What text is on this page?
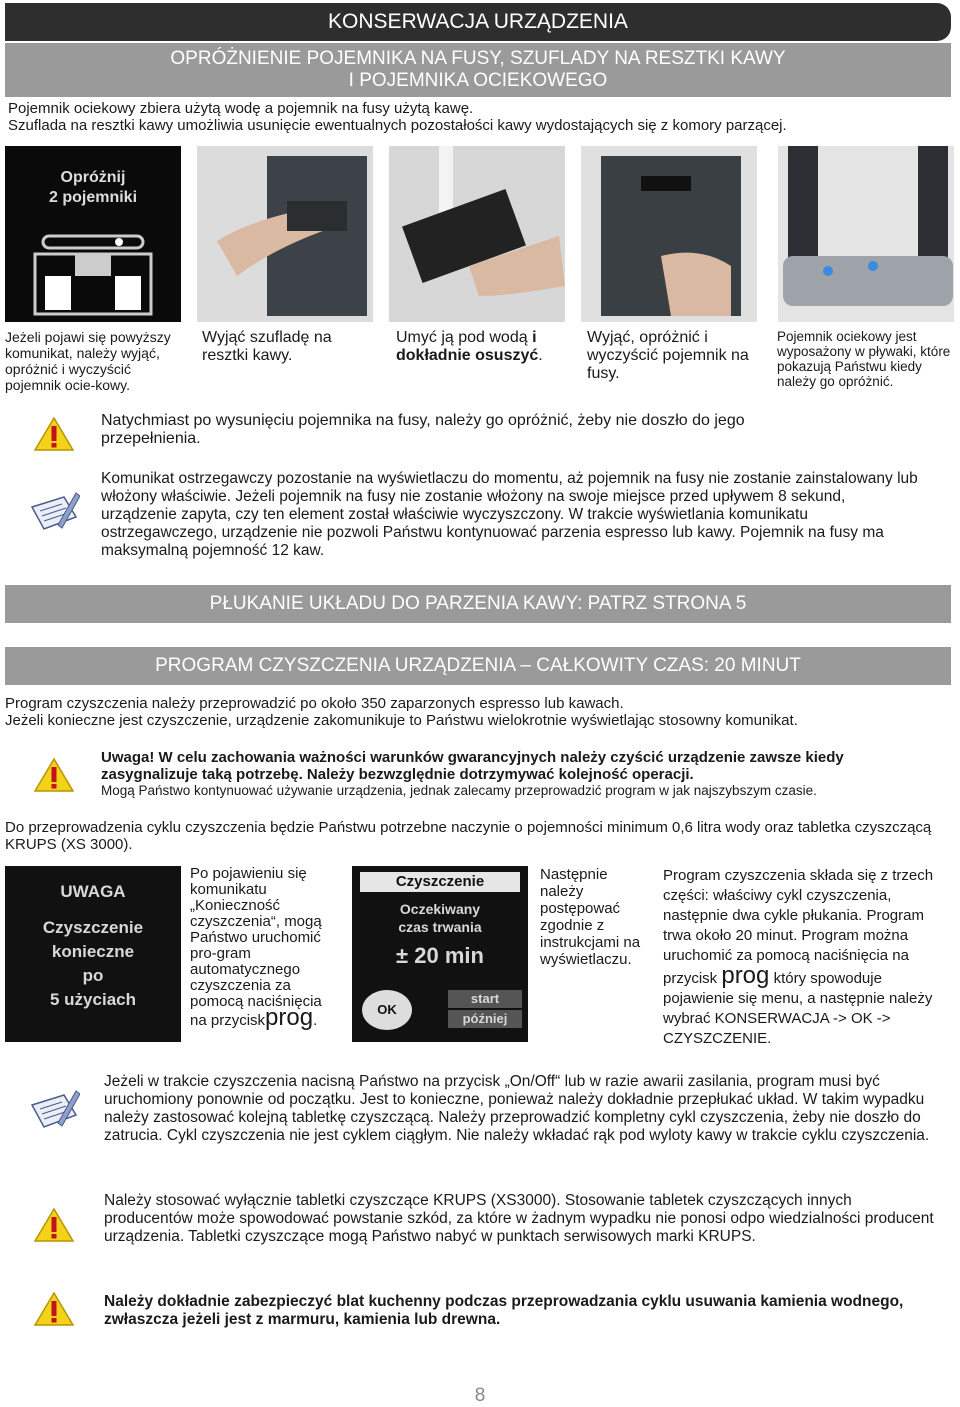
KONSERWACJA URZĄDZENIA
OPRÓŻNIENIE POJEMNIKA NA FUSY, SZUFLADY NA RESZTKI KAWY
I POJEMNIKA OCIEKOWEGO
Pojemnik ociekowy zbiera użytą wodę a pojemnik na fusy użytą kawę.
Szuflada na resztki kawy umożliwia usunięcie ewentualnych pozostałości kawy wydostających się z komory parzącej.
Opróżnij
2 pojemniki
Jeżeli pojawi się powyższy komunikat, należy wyjąć, opróżnić i wyczyścić pojemnik ocie-kowy.
Wyjąć szufladę na resztki kawy.
Umyć ją pod wodą i dokładnie osuszyć.
Wyjąć, opróżnić i wyczyścić pojemnik na fusy.
Pojemnik ociekowy jest wyposażony w pływaki, które pokazują Państwu kiedy należy go opróżnić.
Natychmiast po wysunięciu pojemnika na fusy, należy go opróżnić, żeby nie doszło do jego przepełnienia.
Komunikat ostrzegawczy pozostanie na wyświetlaczu do momentu, aż pojemnik na fusy nie zostanie zainstalowany lub włożony właściwie. Jeżeli pojemnik na fusy nie zostanie włożony na swoje miejsce przed upływem 8 sekund, urządzenie zapyta, czy ten element został właściwie wyczyszczony. W trakcie wyświetlania komunikatu ostrzegawczego, urządzenie nie pozwoli Państwu kontynuować parzenia espresso lub kawy. Pojemnik na fusy ma maksymalną pojemność 12 kaw.
PŁUKANIE UKŁADU DO PARZENIA KAWY: PATRZ STRONA 5
PROGRAM CZYSZCZENIA URZĄDZENIA – CAŁKOWITY CZAS: 20 MINUT
Program czyszczenia należy przeprowadzić po około 350 zaparzonych espresso lub kawach.
Jeżeli konieczne jest czyszczenie, urządzenie zakomunikuje to Państwu wielokrotnie wyświetlając stosowny komunikat.
Uwaga! W celu zachowania ważności warunków gwarancyjnych należy czyścić urządzenie zawsze kiedy zasygnalizuje taką potrzebę. Należy bezwzględnie dotrzymywać kolejność operacji.
Mogą Państwo kontynuować używanie urządzenia, jednak zalecamy przeprowadzić program w jak najszybszym czasie.
Do przeprowadzenia cyklu czyszczenia będzie Państwu potrzebne naczynie o pojemności minimum 0,6 litra wody oraz tabletka czyszczącą KRUPS (XS 3000).
UWAGA
Czyszczenie
konieczne
po
5 użyciach
Po pojawieniu się komunikatu „Konieczność czyszczenia“, mogą Państwo uruchomić pro-gram automatycznego czyszczenia za pomocą naciśnięcia na przyciskprog.
Czyszczenie
Oczekiwany
czas trwania
± 20 min
OK
start
później
Następnie należy postępować zgodnie z instrukcjami na wyświetlaczu.
Program czyszczenia składa się z trzech części: właściwy cykl czyszczenia, następnie dwa cykle płukania. Program trwa około 20 minut. Program można uruchomić za pomocą naciśnięcia na przycisk prog który spowoduje pojawienie się menu, a następnie należy wybrać KONSERWACJA -> OK -> CZYSZCZENIE.
Jeżeli w trakcie czyszczenia nacisną Państwo na przycisk „On/Off“ lub w razie awarii zasilania, program musi być uruchomiony ponownie od początku. Jest to konieczne, ponieważ należy dokładnie przepłukać układ. W takim wypadku należy zastosować kolejną tabletkę czyszczącą. Należy przeprowadzić kompletny cykl czyszczenia, żeby nie doszło do zatrucia. Cykl czyszczenia nie jest cyklem ciągłym. Nie należy wkładać rąk pod wyloty kawy w trakcie cyklu czyszczenia.
Należy stosować wyłącznie tabletki czyszczące KRUPS (XS3000). Stosowanie tabletek czyszczących innych producentów może spowodować powstanie szkód, za które w żadnym wypadku nie ponosi odpo wiedzialności producent urządzenia. Tabletki czyszczące mogą Państwo nabyć w punktach serwisowych marki KRUPS.
Należy dokładnie zabezpieczyć blat kuchenny podczas przeprowadzania cyklu usuwania kamienia wodnego, zwłaszcza jeżeli jest z marmuru, kamienia lub drewna.
8
